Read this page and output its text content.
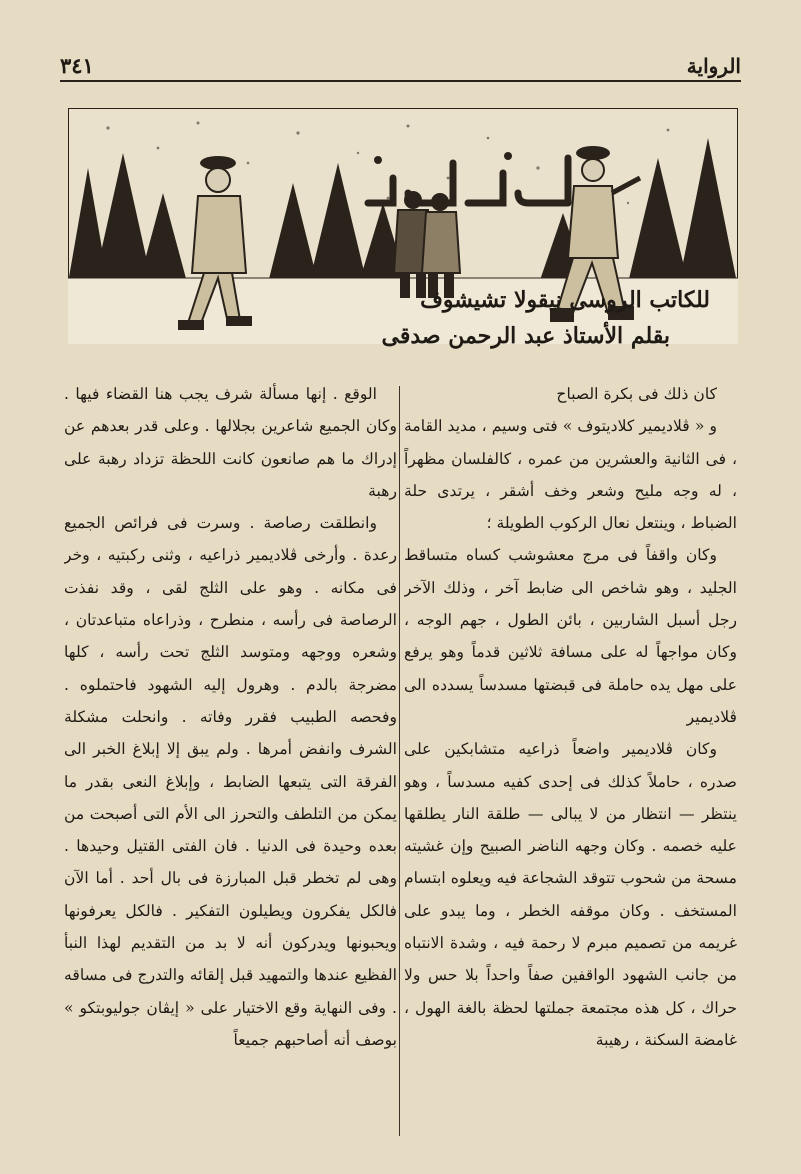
الرواية
٣٤١
للكاتب الروسى نيقولا تشيشوف
بقلم الأستاذ عبد الرحمن صدقى

كان ذلك فى بكرة الصباح

و « ڤلاديمير كلاديتوف » فتى وسيم ، مديد القامة ، فى الثانية والعشرين من عمره ، كالفلسان مظهراً ، له وجه مليح وشعر وخف أشقر ، يرتدى حلة الضباط ، وينتعل نعال الركوب الطويلة ؛

وكان واقفاً فى مرج معشوشب كساه متساقط الجليد ، وهو شاخص الى ضابط آخر ، وذلك الآخر رجل أسبل الشاربين ، بائن الطول ، جهم الوجه ، وكان مواجهاً له على مسافة ثلاثين قدماً وهو يرفع على مهل يده حاملة فى قبضتها مسدساً يسدده الى ڤلاديمير

وكان ڤلاديمير واضعاً ذراعيه متشابكين على صدره ، حاملاً كذلك فى إحدى كفيه مسدساً ، وهو ينتظر — انتظار من لا يبالى — طلقة النار يطلقها عليه خصمه . وكان وجهه الناضر الصبيح وإن غشيته مسحة من شحوب تتوقد الشجاعة فيه ويعلوه ابتسام المستخف . وكان موقفه الخطر ، وما يبدو على غريمه من تصميم مبرم لا رحمة فيه ، وشدة الانتباه من جانب الشهود الواقفين صفاً واحداً بلا حس ولا حراك ، كل هذه مجتمعة جملتها لحظة بالغة الهول ، غامضة السكنة ، رهيبة

الوقع . إنها مسألة شرف يجب هنا القضاء فيها . وكان الجميع شاعرين بجلالها . وعلى قدر بعدهم عن إدراك ما هم صانعون كانت اللحظة تزداد رهبة على رهبة

وانطلقت رصاصة . وسرت فى فرائص الجميع رعدة . وأرخى ڤلاديمير ذراعيه ، وثنى ركبتيه ، وخر فى مكانه . وهو على الثلج لقى ، وقد نفذت الرصاصة فى رأسه ، منطرح ، وذراعاه متباعدتان ، وشعره ووجهه ومتوسد الثلج تحت رأسه ، كلها مضرجة بالدم . وهرول إليه الشهود فاحتملوه . وفحصه الطبيب فقرر وفاته . وانحلت مشكلة الشرف وانفض أمرها . ولم يبق إلا إبلاغ الخبر الى الفرقة التى يتبعها الضابط ، وإبلاغ النعى بقدر ما يمكن من التلطف والتحرز الى الأم التى أصبحت من بعده وحيدة فى الدنيا . فان الفتى القتيل وحيدها . وهى لم تخطر قبل المبارزة فى بال أحد . أما الآن فالكل يفكرون ويطيلون التفكير . فالكل يعرفونها ويحبونها ويدركون أنه لا بد من التقديم لهذا النبأ الفظيع عندها والتمهيد قبل إلقائه والتدرج فى مساقه . وفى النهاية وقع الاختيار على « إيڤان جوليوبتكو » بوصف أنه أصاحبهم جميعاً
